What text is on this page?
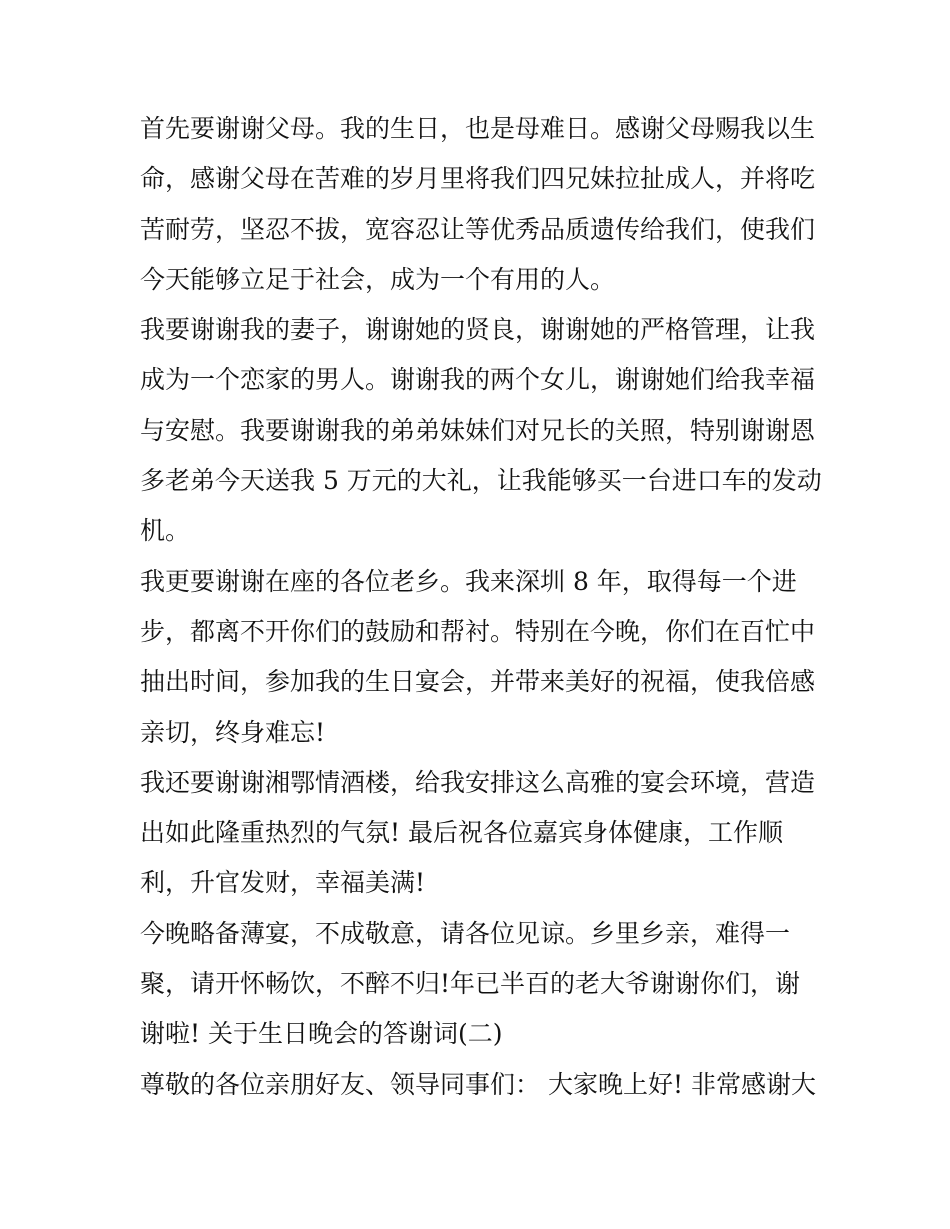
首先要谢谢父母。我的生日，也是母难日。感谢父母赐我以生
命，感谢父母在苦难的岁月里将我们四兄妹拉扯成人，并将吃
苦耐劳，坚忍不拔，宽容忍让等优秀品质遗传给我们，使我们
今天能够立足于社会，成为一个有用的人。
我要谢谢我的妻子，谢谢她的贤良，谢谢她的严格管理，让我
成为一个恋家的男人。谢谢我的两个女儿，谢谢她们给我幸福
与安慰。我要谢谢我的弟弟妹妹们对兄长的关照，特别谢谢恩
多老弟今天送我 5 万元的大礼，让我能够买一台进口车的发动
机。
我更要谢谢在座的各位老乡。我来深圳 8 年，取得每一个进
步，都离不开你们的鼓励和帮衬。特别在今晚，你们在百忙中
抽出时间，参加我的生日宴会，并带来美好的祝福，使我倍感
亲切，终身难忘!
我还要谢谢湘鄂情酒楼，给我安排这么高雅的宴会环境，营造
出如此隆重热烈的气氛! 最后祝各位嘉宾身体健康，工作顺
利，升官发财，幸福美满!
今晚略备薄宴，不成敬意，请各位见谅。乡里乡亲，难得一
聚，请开怀畅饮，不醉不归!年已半百的老大爷谢谢你们，谢
谢啦! 关于生日晚会的答谢词(二)
尊敬的各位亲朋好友、领导同事们： 大家晚上好! 非常感谢大
